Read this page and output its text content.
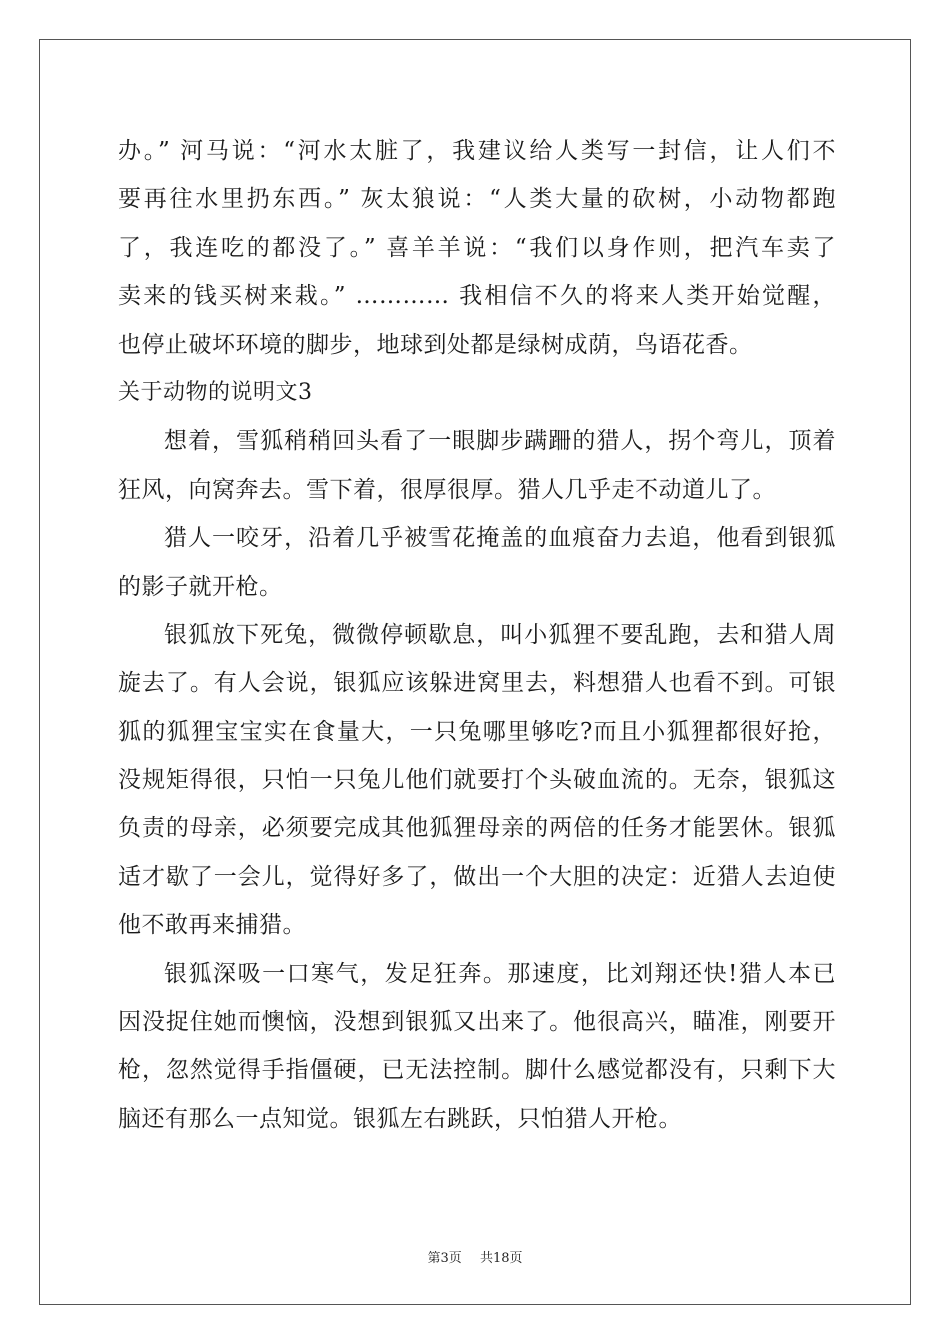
办。” 河马说：“河水太脏了，我建议给人类写一封信，让人们不
要再往水里扔东西。” 灰太狼说：“人类大量的砍树，小动物都跑
了，我连吃的都没了。” 喜羊羊说：“我们以身作则，把汽车卖了
卖来的钱买树来栽。” ………… 我相信不久的将来人类开始觉醒，
也停止破坏环境的脚步，地球到处都是绿树成荫，鸟语花香。
关于动物的说明文3
想着，雪狐稍稍回头看了一眼脚步蹒跚的猎人，拐个弯儿，顶着
狂风，向窝奔去。雪下着，很厚很厚。猎人几乎走不动道儿了。
猎人一咬牙，沿着几乎被雪花掩盖的血痕奋力去追，他看到银狐
的影子就开枪。
银狐放下死兔，微微停顿歇息，叫小狐狸不要乱跑，去和猎人周
旋去了。有人会说，银狐应该躲进窝里去，料想猎人也看不到。可银
狐的狐狸宝宝实在食量大，一只兔哪里够吃?而且小狐狸都很好抢，
没规矩得很，只怕一只兔儿他们就要打个头破血流的。无奈，银狐这
负责的母亲，必须要完成其他狐狸母亲的两倍的任务才能罢休。银狐
适才歇了一会儿，觉得好多了，做出一个大胆的决定：近猎人去迫使
他不敢再来捕猎。
银狐深吸一口寒气，发足狂奔。那速度，比刘翔还快!猎人本已
因没捉住她而懊恼，没想到银狐又出来了。他很高兴，瞄准，刚要开
枪，忽然觉得手指僵硬，已无法控制。脚什么感觉都没有，只剩下大
脑还有那么一点知觉。银狐左右跳跃，只怕猎人开枪。
第3页 共18页
